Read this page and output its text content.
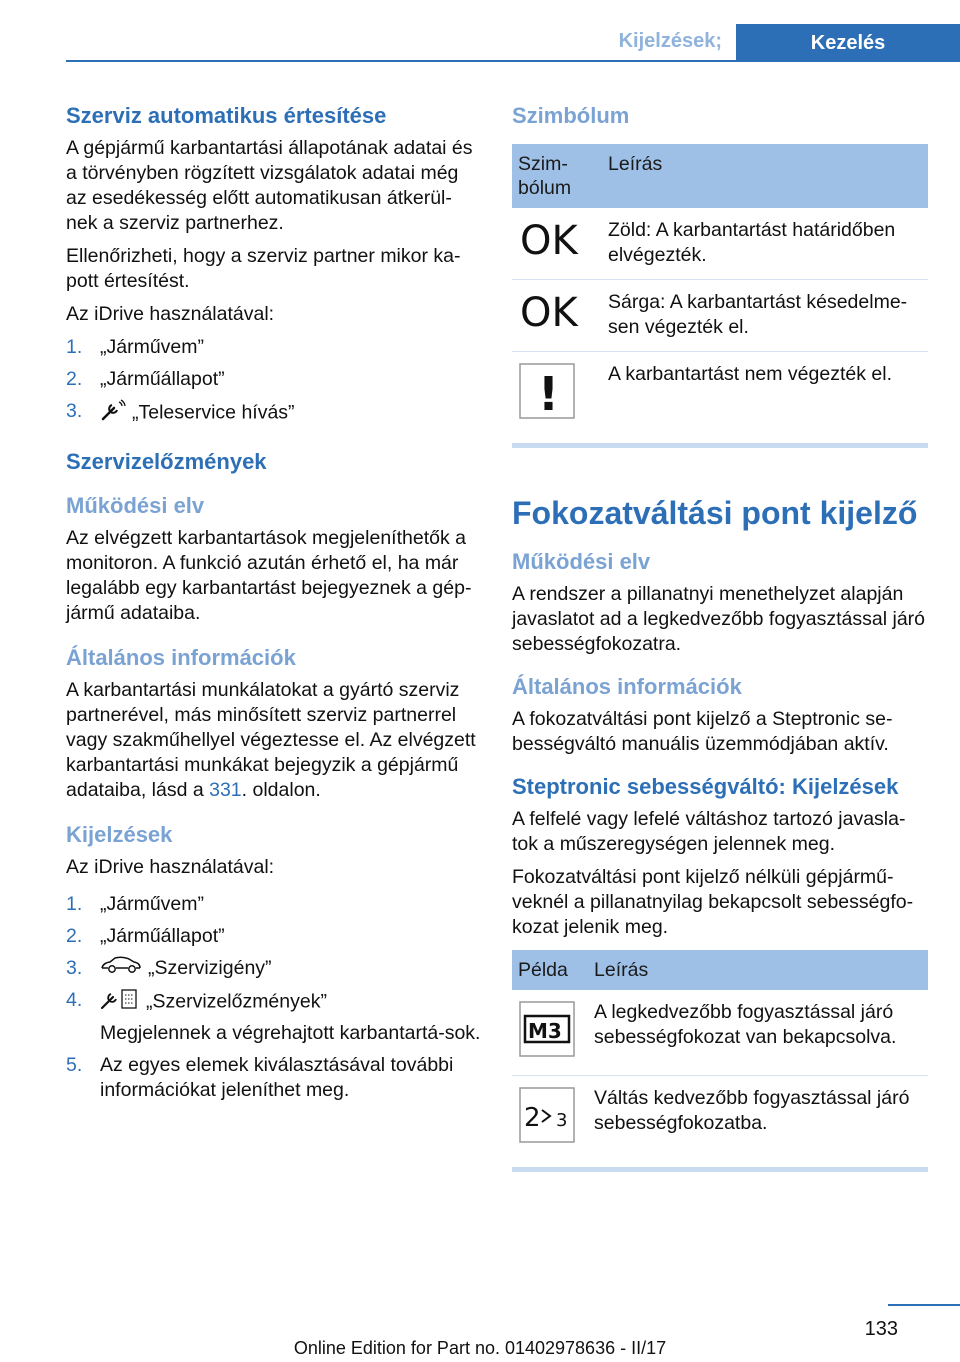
Kijelzések;	Kezelés
Szerviz automatikus értesítése

A gépjármű karbantartási állapotának adatai és a törvényben rögzített vizsgálatok adatai még az esedékesség előtt automatikusan átkerül-nek a szerviz partnerhez.

Ellenőrizheti, hogy a szerviz partner mikor ka-pott értesítést.

Az iDrive használatával:

1. „Járművem”
2. „Járműállapot”
3.	„Teleservice hívás”
Szervizelőzmények
Működési elv

Az elvégzett karbantartások megjeleníthetők a monitoron. A funkció azután érhető el, ha már legalább egy karbantartást bejegyeznek a gép-jármű adataiba.

Általános információk

A karbantartási munkálatokat a gyártó szerviz partnerével, más minősített szerviz partnerrel vagy szakműhellyel végeztesse el. Az elvégzett karbantartási munkákat bejegyzik a gépjármű adataiba, lásd a 331. oldalon.

Kijelzések

Az iDrive használatával:

1. „Járművem”
2. „Járműállapot”
3.	„Szervizigény”
4.	„Szervizelőzmények”
Megjelennek a végrehajtott karbantartá-sok.
5. Az egyes elemek kiválasztásával további információkat jeleníthet meg.
Szimbólum
Szim-bólum	Leírás

OK	Zöld: A karbantartást határidőben elvégezték.

OK	Sárga: A karbantartást késedelme-sen végezték el.

!	A karbantartást nem végezték el.
Fokozatváltási pont kijelző
Működési elv

A rendszer a pillanatnyi menethelyzet alapján javaslatot ad a legkedvezőbb fogyasztással járó sebességfokozatra.

Általános információk

A fokozatváltási pont kijelző a Steptronic se-bességváltó manuális üzemmódjában aktív.

Steptronic sebességváltó: Kijelzések

A felfelé vagy lefelé váltáshoz tartozó javasla-tok a műszeregységen jelennek meg.

Fokozatváltási pont kijelző nélküli gépjármű-veknél a pillanatnyilag bekapcsolt sebességfo-kozat jelenik meg.

Példa	Leírás

M3	A legkedvezőbb fogyasztással járó sebességfokozat van bekapcsolva.

2 3	Váltás kedvezőbb fogyasztással járó sebességfokozatba.
133
Online Edition for Part no. 01402978636 - II/17
